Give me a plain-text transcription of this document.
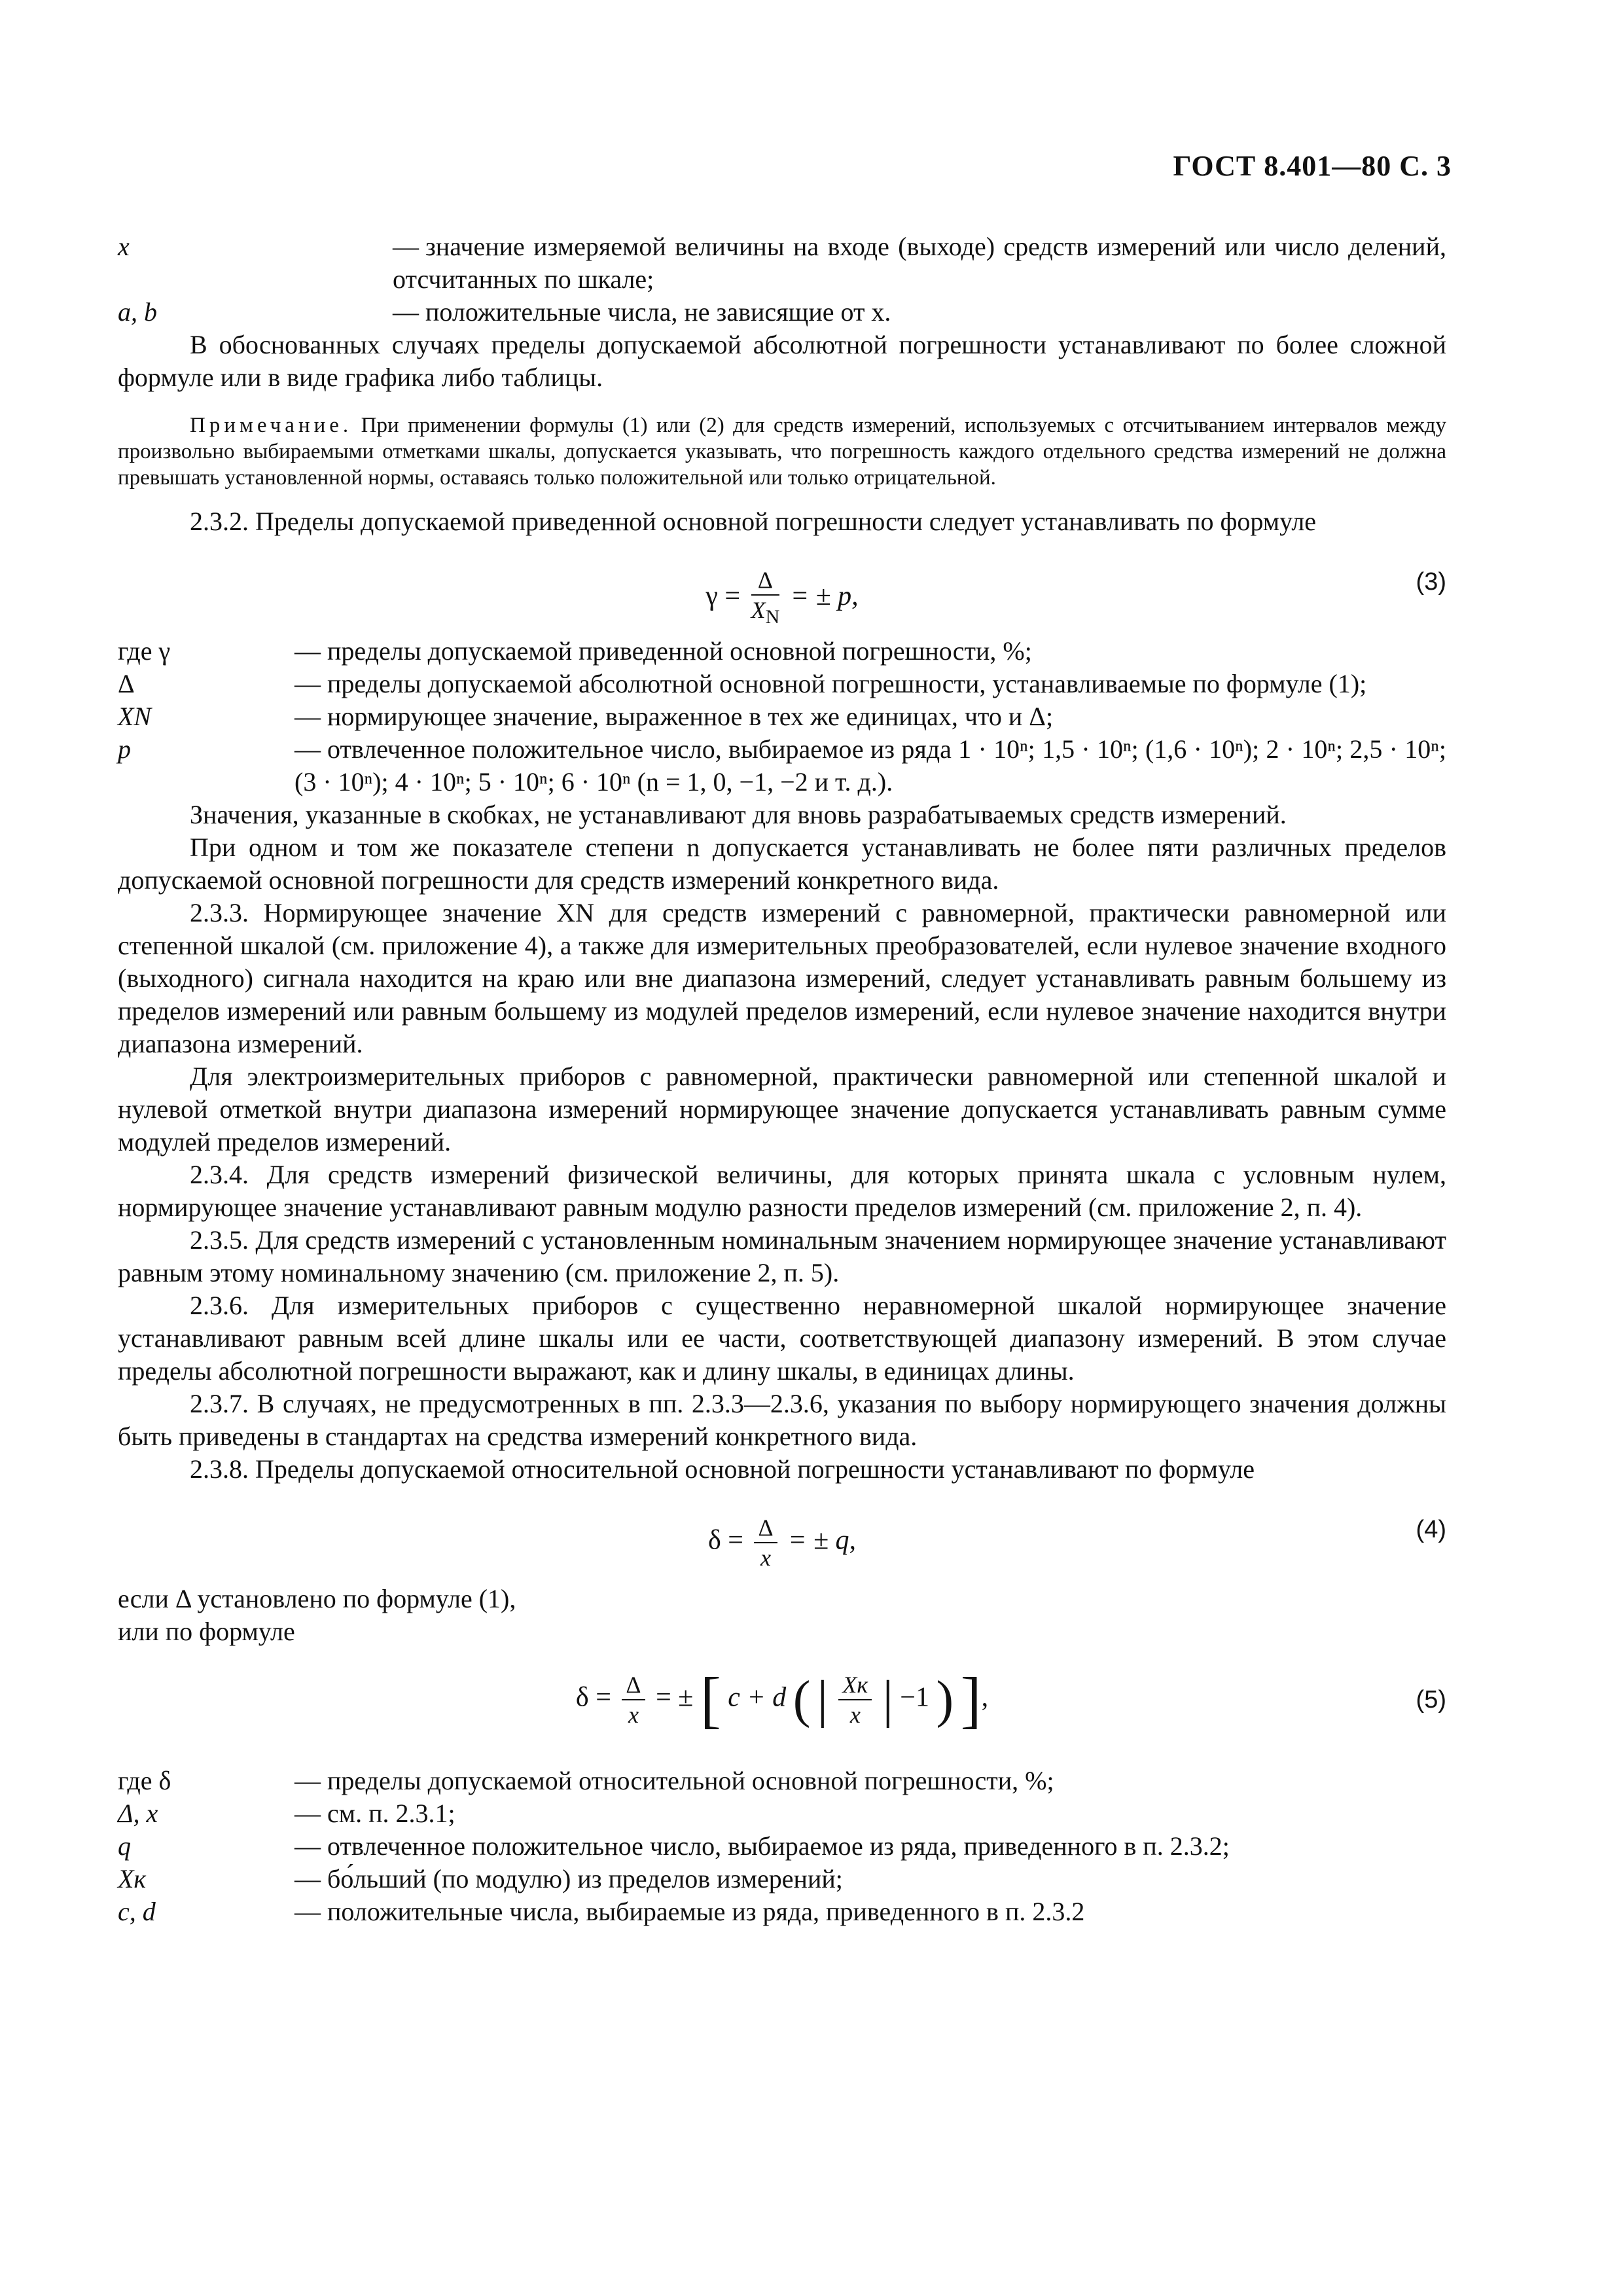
ГОСТ 8.401—80 С. 3
x	— значение измеряемой величины на входе (выходе) средств измерений или число делений, отсчитанных по шкале;
a, b	— положительные числа, не зависящие от x.
В обоснованных случаях пределы допускаемой абсолютной погрешности устанавливают по более сложной формуле или в виде графика либо таблицы.
Примечание. При применении формулы (1) или (2) для средств измерений, используемых с отсчитыванием интервалов между произвольно выбираемыми отметками шкалы, допускается указывать, что погрешность каждого отдельного средства измерений не должна превышать установленной нормы, оставаясь только положительной или только отрицательной.
2.3.2. Пределы допускаемой приведенной основной погрешности следует устанавливать по формуле
$\gamma = \frac{\Delta}{X_N}$ = ± p,	(3)
где γ	— пределы допускаемой приведенной основной погрешности, %;
Δ	— пределы допускаемой абсолютной основной погрешности, устанавливаемые по формуле (1);
XN	— нормирующее значение, выраженное в тех же единицах, что и Δ;
p	— отвлеченное положительное число, выбираемое из ряда 1 · 10ⁿ; 1,5 · 10ⁿ; (1,6 · 10ⁿ); 2 · 10ⁿ; 2,5 · 10ⁿ; (3 · 10ⁿ); 4 · 10ⁿ; 5 · 10ⁿ; 6 · 10ⁿ (n = 1, 0, −1, −2 и т. д.).
Значения, указанные в скобках, не устанавливают для вновь разрабатываемых средств измерений.
При одном и том же показателе степени n допускается устанавливать не более пяти различных пределов допускаемой основной погрешности для средств измерений конкретного вида.
2.3.3. Нормирующее значение XN для средств измерений с равномерной, практически равномерной или степенной шкалой (см. приложение 4), а также для измерительных преобразователей, если нулевое значение входного (выходного) сигнала находится на краю или вне диапазона измерений, следует устанавливать равным большему из пределов измерений или равным большему из модулей пределов измерений, если нулевое значение находится внутри диапазона измерений.
Для электроизмерительных приборов с равномерной, практически равномерной или степенной шкалой и нулевой отметкой внутри диапазона измерений нормирующее значение допускается устанавливать равным сумме модулей пределов измерений.
2.3.4. Для средств измерений физической величины, для которых принята шкала с условным нулем, нормирующее значение устанавливают равным модулю разности пределов измерений (см. приложение 2, п. 4).
2.3.5. Для средств измерений с установленным номинальным значением нормирующее значение устанавливают равным этому номинальному значению (см. приложение 2, п. 5).
2.3.6. Для измерительных приборов с существенно неравномерной шкалой нормирующее значение устанавливают равным всей длине шкалы или ее части, соответствующей диапазону измерений. В этом случае пределы абсолютной погрешности выражают, как и длину шкалы, в единицах длины.
2.3.7. В случаях, не предусмотренных в пп. 2.3.3—2.3.6, указания по выбору нормирующего значения должны быть приведены в стандартах на средства измерений конкретного вида.
2.3.8. Пределы допускаемой относительной основной погрешности устанавливают по формуле
$\delta = \frac{\Delta}{x}$ = ± q,	(4)
если Δ установлено по формуле (1),
или по формуле
$\delta = \frac{\Delta}{x}$ = ± [ c + d ( | $\frac{Xк}{x}$ | −1 ) ],	(5)
где δ	— пределы допускаемой относительной основной погрешности, %;
Δ, x	— см. п. 2.3.1;
q	— отвлеченное положительное число, выбираемое из ряда, приведенного в п. 2.3.2;
Xк	— бо́льший (по модулю) из пределов измерений;
c, d	— положительные числа, выбираемые из ряда, приведенного в п. 2.3.2
